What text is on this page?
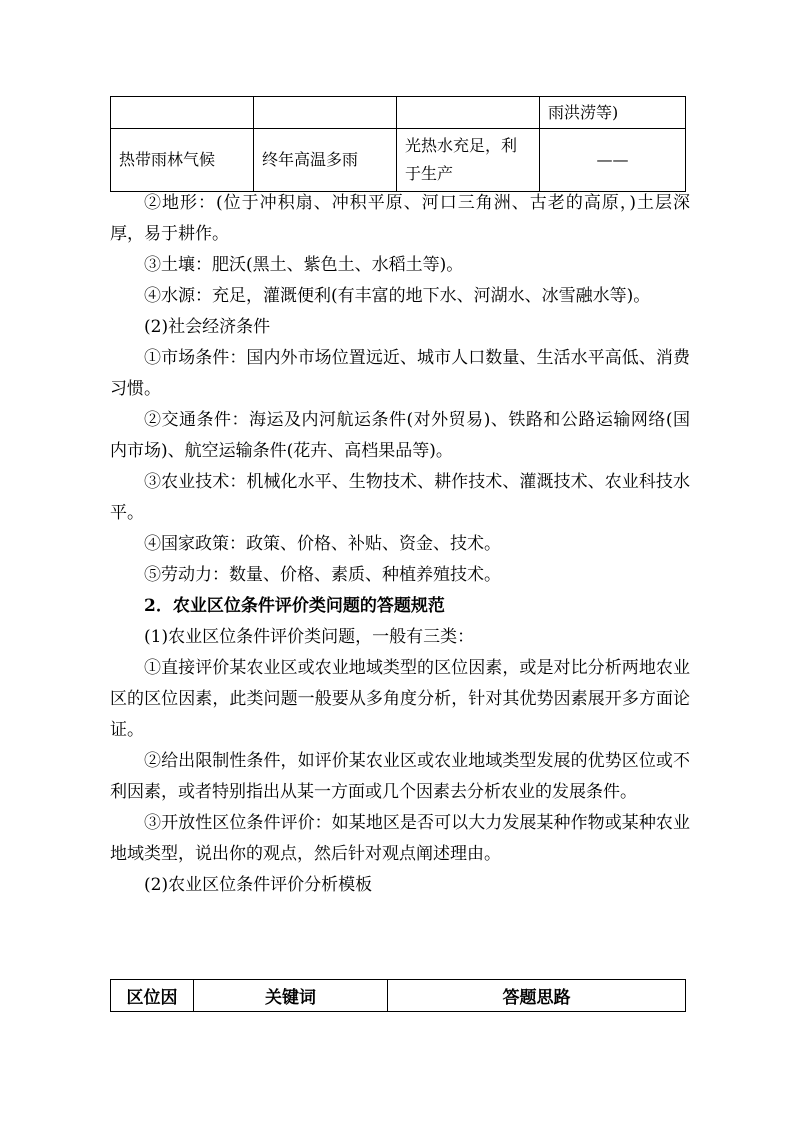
			雨洪涝等)
热带雨林气候	终年高温多雨	光热水充足，利于生产	——

②地形：(位于冲积扇、冲积平原、河口三角洲、古老的高原，)土层深厚，易于耕作。

③土壤：肥沃(黑土、紫色土、水稻土等)。

④水源：充足，灌溉便利(有丰富的地下水、河湖水、冰雪融水等)。

(2)社会经济条件

①市场条件：国内外市场位置远近、城市人口数量、生活水平高低、消费习惯。

②交通条件：海运及内河航运条件(对外贸易)、铁路和公路运输网络(国内市场)、航空运输条件(花卉、高档果品等)。

③农业技术：机械化水平、生物技术、耕作技术、灌溉技术、农业科技水平。

④国家政策：政策、价格、补贴、资金、技术。

⑤劳动力：数量、价格、素质、种植养殖技术。

2．农业区位条件评价类问题的答题规范

(1)农业区位条件评价类问题，一般有三类：

①直接评价某农业区或农业地域类型的区位因素，或是对比分析两地农业区的区位因素，此类问题一般要从多角度分析，针对其优势因素展开多方面论证。

②给出限制性条件，如评价某农业区或农业地域类型发展的优势区位或不利因素，或者特别指出从某一方面或几个因素去分析农业的发展条件。

③开放性区位条件评价：如某地区是否可以大力发展某种作物或某种农业地域类型，说出你的观点，然后针对观点阐述理由。

(2)农业区位条件评价分析模板

区位因	关键词	答题思路
